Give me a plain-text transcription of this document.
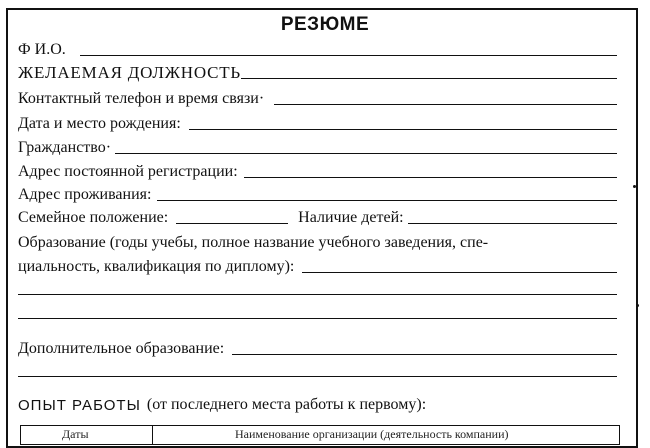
РЕЗЮМЕ
Ф И.О.
ЖЕЛАЕМАЯ ДОЛЖНОСТЬ
Контактный телефон и время связи·
Дата и место рождения:
Гражданство·
Адрес постоянной регистрации:
Адрес проживания:
Семейное положение:	Наличие детей:
Образование (годы учебы, полное название учебного заведения, спе-
циальность, квалификация по диплому):
Дополнительное образование:
ОПЫТ РАБОТЫ (от последнего места работы к первому):
Даты	Наименование организации (деятельность компании)
